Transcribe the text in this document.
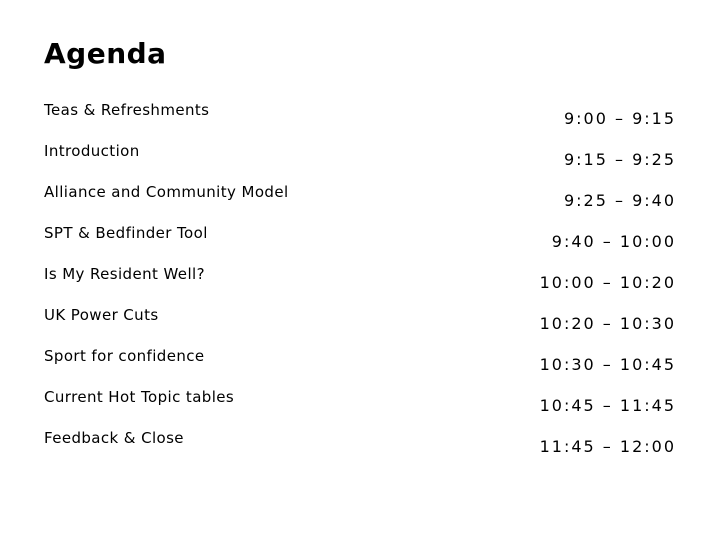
Agenda
Teas & Refreshments	9:00 – 9:15
Introduction	9:15 – 9:25
Alliance and Community Model	9:25 – 9:40
SPT & Bedfinder Tool	9:40 – 10:00
Is My Resident Well?	10:00 – 10:20
UK Power Cuts	10:20 – 10:30
Sport for confidence	10:30 – 10:45
Current Hot Topic tables	10:45 – 11:45
Feedback & Close	11:45 – 12:00
